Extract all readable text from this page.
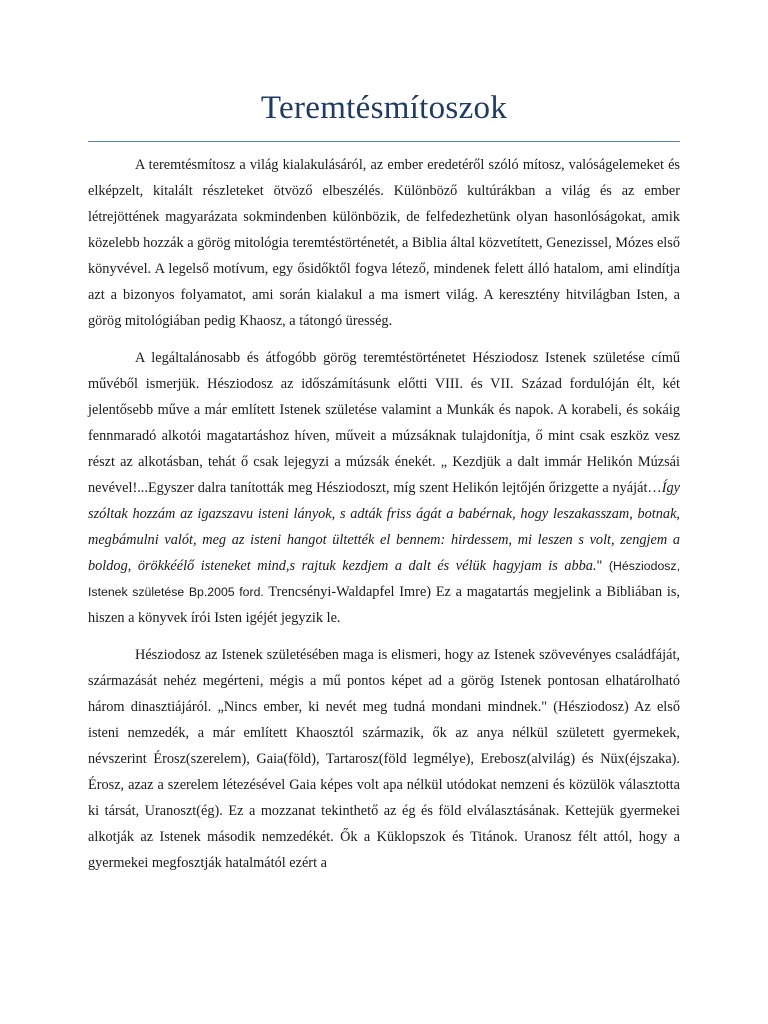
Teremtésmítoszok

A teremtésmítosz a világ kialakulásáról, az ember eredetéről szóló mítosz, valóságelemeket és elképzelt, kitalált részleteket ötvöző elbeszélés. Különböző kultúrákban a világ és az ember létrejöttének magyarázata sokmindenben különbözik, de felfedezhetünk olyan hasonlóságokat, amik közelebb hozzák a görög mitológia teremtéstörténetét, a Biblia által közvetített, Genezissel, Mózes első könyvével. A legelső motívum, egy ősidőktől fogva létező, mindenek felett álló hatalom, ami elindítja azt a bizonyos folyamatot, ami során kialakul a ma ismert világ. A keresztény hitvilágban Isten, a görög mitológiában pedig Khaosz, a tátongó üresség.

A legáltalánosabb és átfogóbb görög teremtéstörténetet Hésziodosz Istenek születése című művéből ismerjük. Hésziodosz az időszámításunk előtti VIII. és VII. Század fordulóján élt, két jelentősebb műve a már említett Istenek születése valamint a Munkák és napok. A korabeli, és sokáig fennmaradó alkotói magatartáshoz híven, műveit a múzsáknak tulajdonítja, ő mint csak eszköz vesz részt az alkotásban, tehát ő csak lejegyzi a múzsák énekét. „ Kezdjük a dalt immár Helikón Múzsái nevével!...Egyszer dalra tanították meg Hésziodoszt, míg szent Helikón lejtőjén őrizgette a nyáját…Így szóltak hozzám az igazszavu isteni lányok, s adták friss ágát a babérnak, hogy leszakasszam, botnak, megbámulni valót, meg az isteni hangot ültették el bennem: hirdessem, mi leszen s volt, zengjem a boldog, örökkéélő isteneket mind,s rajtuk kezdjem a dalt és vélük hagyjam is abba." (Hésziodosz, Istenek születése Bp.2005 ford. Trencsényi-Waldapfel Imre) Ez a magatartás megjelink a Bibliában is, hiszen a könyvek írói Isten igéjét jegyzik le.

Hésziodosz az Istenek születésében maga is elismeri, hogy az Istenek szövevényes családfáját, származását nehéz megérteni, mégis a mű pontos képet ad a görög Istenek pontosan elhatárolható három dinasztiájáról. „Nincs ember, ki nevét meg tudná mondani mindnek." (Hésziodosz) Az első isteni nemzedék, a már említett Khaosztól származik, ők az anya nélkül született gyermekek, névszerint Érosz(szerelem), Gaia(föld), Tartarosz(föld legmélye), Erebosz(alvilág) és Nüx(éjszaka). Érosz, azaz a szerelem létezésével Gaia képes volt apa nélkül utódokat nemzeni és közülök választotta ki társát, Uranoszt(ég). Ez a mozzanat tekinthető az ég és föld elválasztásának. Kettejük gyermekei alkotják az Istenek második nemzedékét. Ők a Küklopszok és Titánok. Uranosz félt attól, hogy a gyermekei megfosztják hatalmától ezért a
